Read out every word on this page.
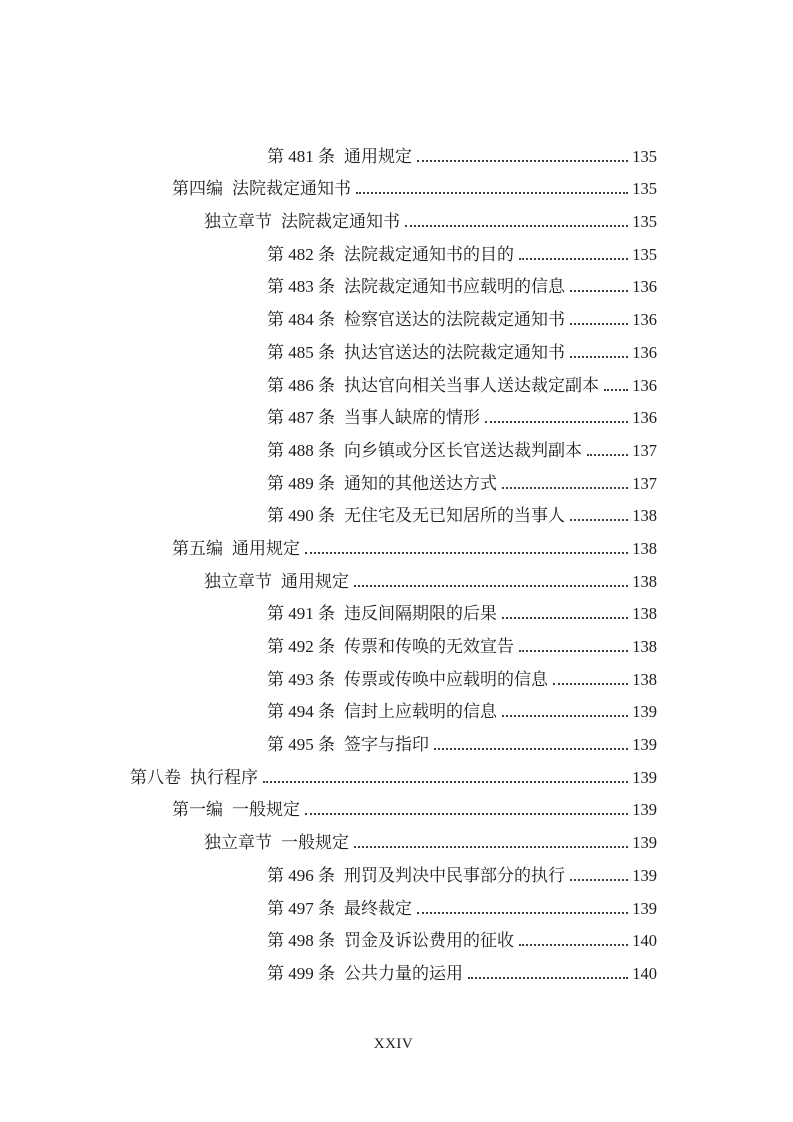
第 481 条 通用规定	135
第四编 法院裁定通知书	135
独立章节 法院裁定通知书	135
第 482 条 法院裁定通知书的目的	135
第 483 条 法院裁定通知书应载明的信息	136
第 484 条 检察官送达的法院裁定通知书	136
第 485 条 执达官送达的法院裁定通知书	136
第 486 条 执达官向相关当事人送达裁定副本 136
第 487 条 当事人缺席的情形	136
第 488 条 向乡镇或分区长官送达裁判副本	137
第 489 条 通知的其他送达方式	137
第 490 条 无住宅及无已知居所的当事人	138
第五编 通用规定	138
独立章节 通用规定	138
第 491 条 违反间隔期限的后果	138
第 492 条 传票和传唤的无效宣告	138
第 493 条 传票或传唤中应载明的信息	138
第 494 条 信封上应载明的信息	139
第 495 条 签字与指印	139
第八卷 执行程序	139
第一编 一般规定	139
独立章节 一般规定	139
第 496 条 刑罚及判决中民事部分的执行	139
第 497 条 最终裁定	139
第 498 条 罚金及诉讼费用的征收	140
第 499 条 公共力量的运用	140
XXIV
